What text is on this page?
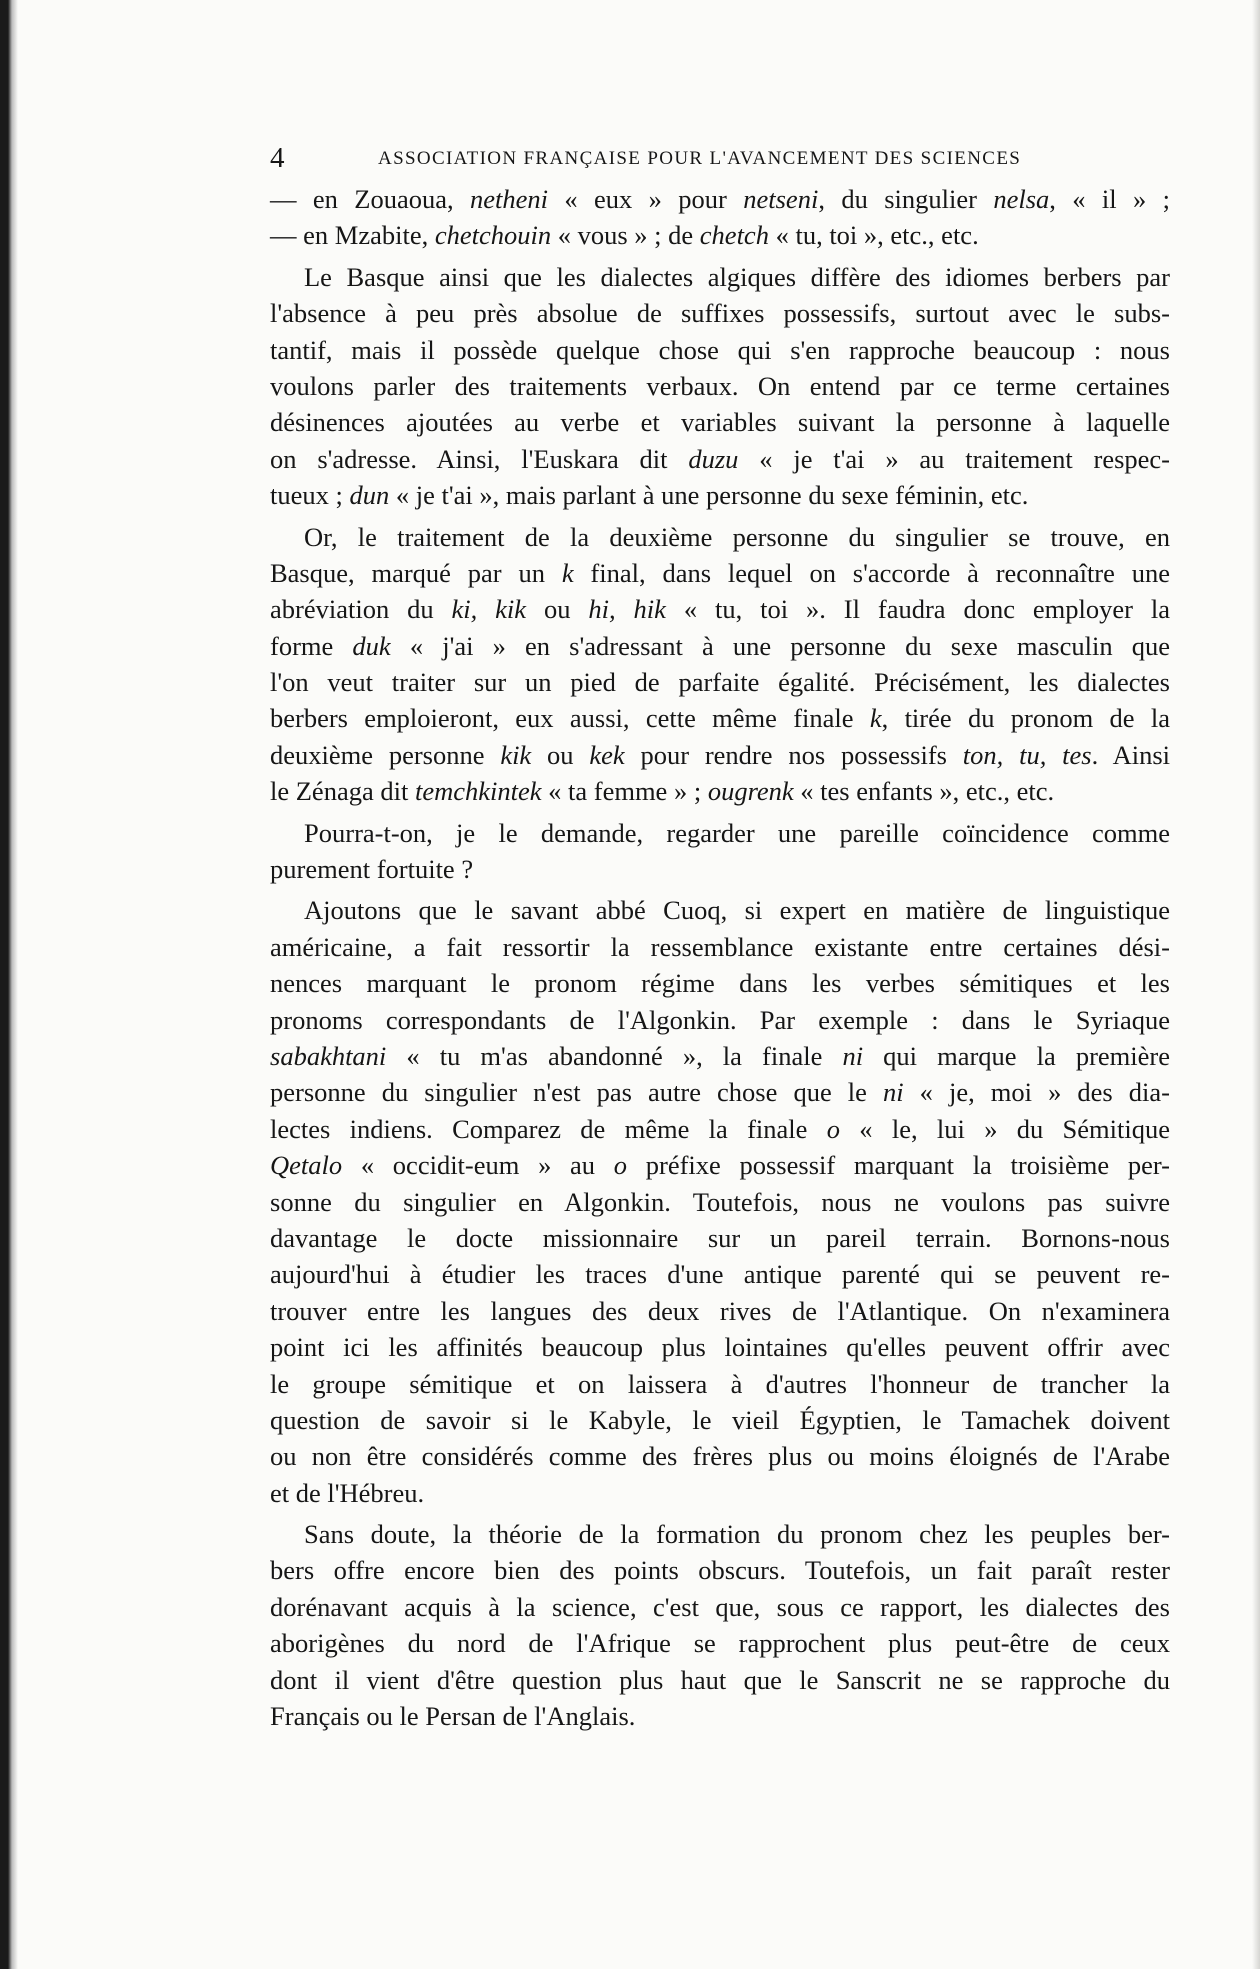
4	ASSOCIATION FRANÇAISE POUR L'AVANCEMENT DES SCIENCES
— en Zouaoua, netheni « eux » pour netseni, du singulier nelsa, « il » ;
— en Mzabite, chetchouin « vous » ; de chetch « tu, toi », etc., etc.
Le Basque ainsi que les dialectes algiques diffère des idiomes berbers par
l'absence à peu près absolue de suffixes possessifs, surtout avec le subs-
tantif, mais il possède quelque chose qui s'en rapproche beaucoup : nous
voulons parler des traitements verbaux. On entend par ce terme certaines
désinences ajoutées au verbe et variables suivant la personne à laquelle
on s'adresse. Ainsi, l'Euskara dit duzu « je t'ai » au traitement respec-
tueux ; dun « je t'ai », mais parlant à une personne du sexe féminin, etc.
Or, le traitement de la deuxième personne du singulier se trouve, en
Basque, marqué par un k final, dans lequel on s'accorde à reconnaître une
abréviation du ki, kik ou hi, hik « tu, toi ». Il faudra donc employer la
forme duk « j'ai » en s'adressant à une personne du sexe masculin que
l'on veut traiter sur un pied de parfaite égalité. Précisément, les dialectes
berbers emploieront, eux aussi, cette même finale k, tirée du pronom de la
deuxième personne kik ou kek pour rendre nos possessifs ton, tu, tes. Ainsi
le Zénaga dit temchkintek « ta femme » ; ougrenk « tes enfants », etc., etc.
Pourra-t-on, je le demande, regarder une pareille coïncidence comme
purement fortuite ?
Ajoutons que le savant abbé Cuoq, si expert en matière de linguistique
américaine, a fait ressortir la ressemblance existante entre certaines dési-
nences marquant le pronom régime dans les verbes sémitiques et les
pronoms correspondants de l'Algonkin. Par exemple : dans le Syriaque
sabakhtani « tu m'as abandonné », la finale ni qui marque la première
personne du singulier n'est pas autre chose que le ni « je, moi » des dia-
lectes indiens. Comparez de même la finale o « le, lui » du Sémitique
Qetalo « occidit-eum » au o préfixe possessif marquant la troisième per-
sonne du singulier en Algonkin. Toutefois, nous ne voulons pas suivre
davantage le docte missionnaire sur un pareil terrain. Bornons-nous
aujourd'hui à étudier les traces d'une antique parenté qui se peuvent re-
trouver entre les langues des deux rives de l'Atlantique. On n'examinera
point ici les affinités beaucoup plus lointaines qu'elles peuvent offrir avec
le groupe sémitique et on laissera à d'autres l'honneur de trancher la
question de savoir si le Kabyle, le vieil Égyptien, le Tamachek doivent
ou non être considérés comme des frères plus ou moins éloignés de l'Arabe
et de l'Hébreu.
Sans doute, la théorie de la formation du pronom chez les peuples ber-
bers offre encore bien des points obscurs. Toutefois, un fait paraît rester
dorénavant acquis à la science, c'est que, sous ce rapport, les dialectes des
aborigènes du nord de l'Afrique se rapprochent plus peut-être de ceux
dont il vient d'être question plus haut que le Sanscrit ne se rapproche du
Français ou le Persan de l'Anglais.
